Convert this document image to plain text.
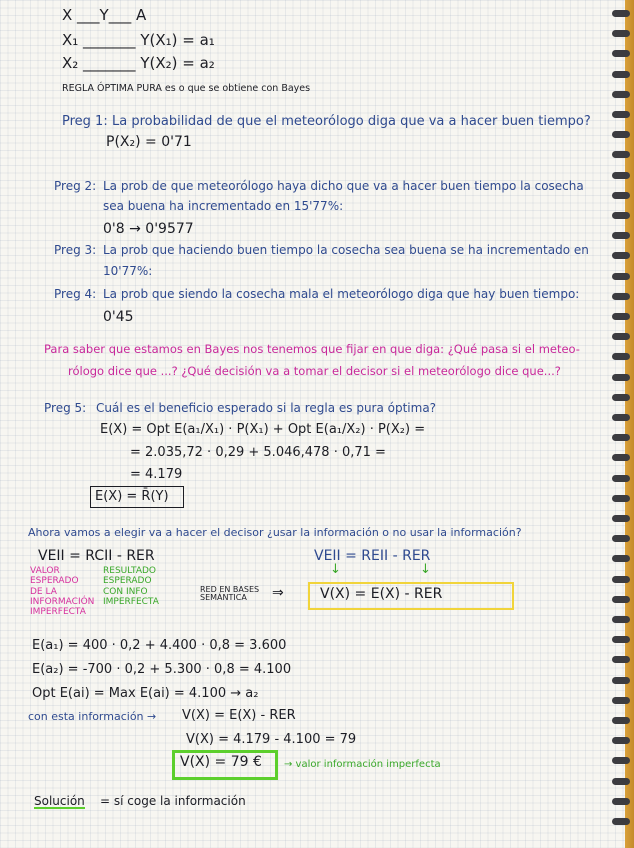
X ___Y___ A
X₁ _______ Y(X₁) = a₁
X₂ _______ Y(X₂) = a₂
REGLA ÓPTIMA PURA es o que se obtiene con Bayes
Preg 1: La probabilidad de que el meteorólogo diga que va a hacer buen tiempo?
P(X₂) = 0'71
Preg 2: La prob de que meteorólogo haya dicho que va a hacer buen tiempo la cosecha
sea buena ha incrementado en 15'77%:
0'8 → 0'9577
Preg 3: La prob que haciendo buen tiempo la cosecha sea buena se ha incrementado en
10'77%:
Preg 4: La prob que siendo la cosecha mala el meteorólogo diga que hay buen tiempo:
0'45
Para saber que estamos en Bayes nos tenemos que fijar en que diga: ¿Qué pasa si el meteo-
rólogo dice que ...? ¿Qué decisión va a tomar el decisor si el meteorólogo dice que...?
Preg 5: Cuál es el beneficio esperado si la regla es pura óptima?
E(X) = Opt E(a₁/X₁) · P(X₁) + Opt E(a₁/X₂) · P(X₂) =
= 2.035,72 · 0,29 + 5.046,478 · 0,71 =
= 4.179
E(X) = R̄(Y)
Ahora vamos a elegir va a hacer el decisor ¿usar la información o no usar la información?
VEII = RCII - RER
VALOR ESPERADO DE LA INFORMACIÓN IMPERFECTA
RESULTADO ESPERADO CON INFO IMPERFECTA
RED EN BASES SEMÁNTICA	⇒
VEII = REII - RER
↓	↓
V(X) = E(X) - RER
E(a₁) = 400 · 0,2 + 4.400 · 0,8 = 3.600
E(a₂) = -700 · 0,2 + 5.300 · 0,8 = 4.100
Opt E(ai) = Max E(ai) = 4.100 → a₂
con esta información → V(X) = E(X) - RER
V(X) = 4.179 - 4.100 = 79
V(X) = 79 € → valor información imperfecta
Solución = sí coge la información
